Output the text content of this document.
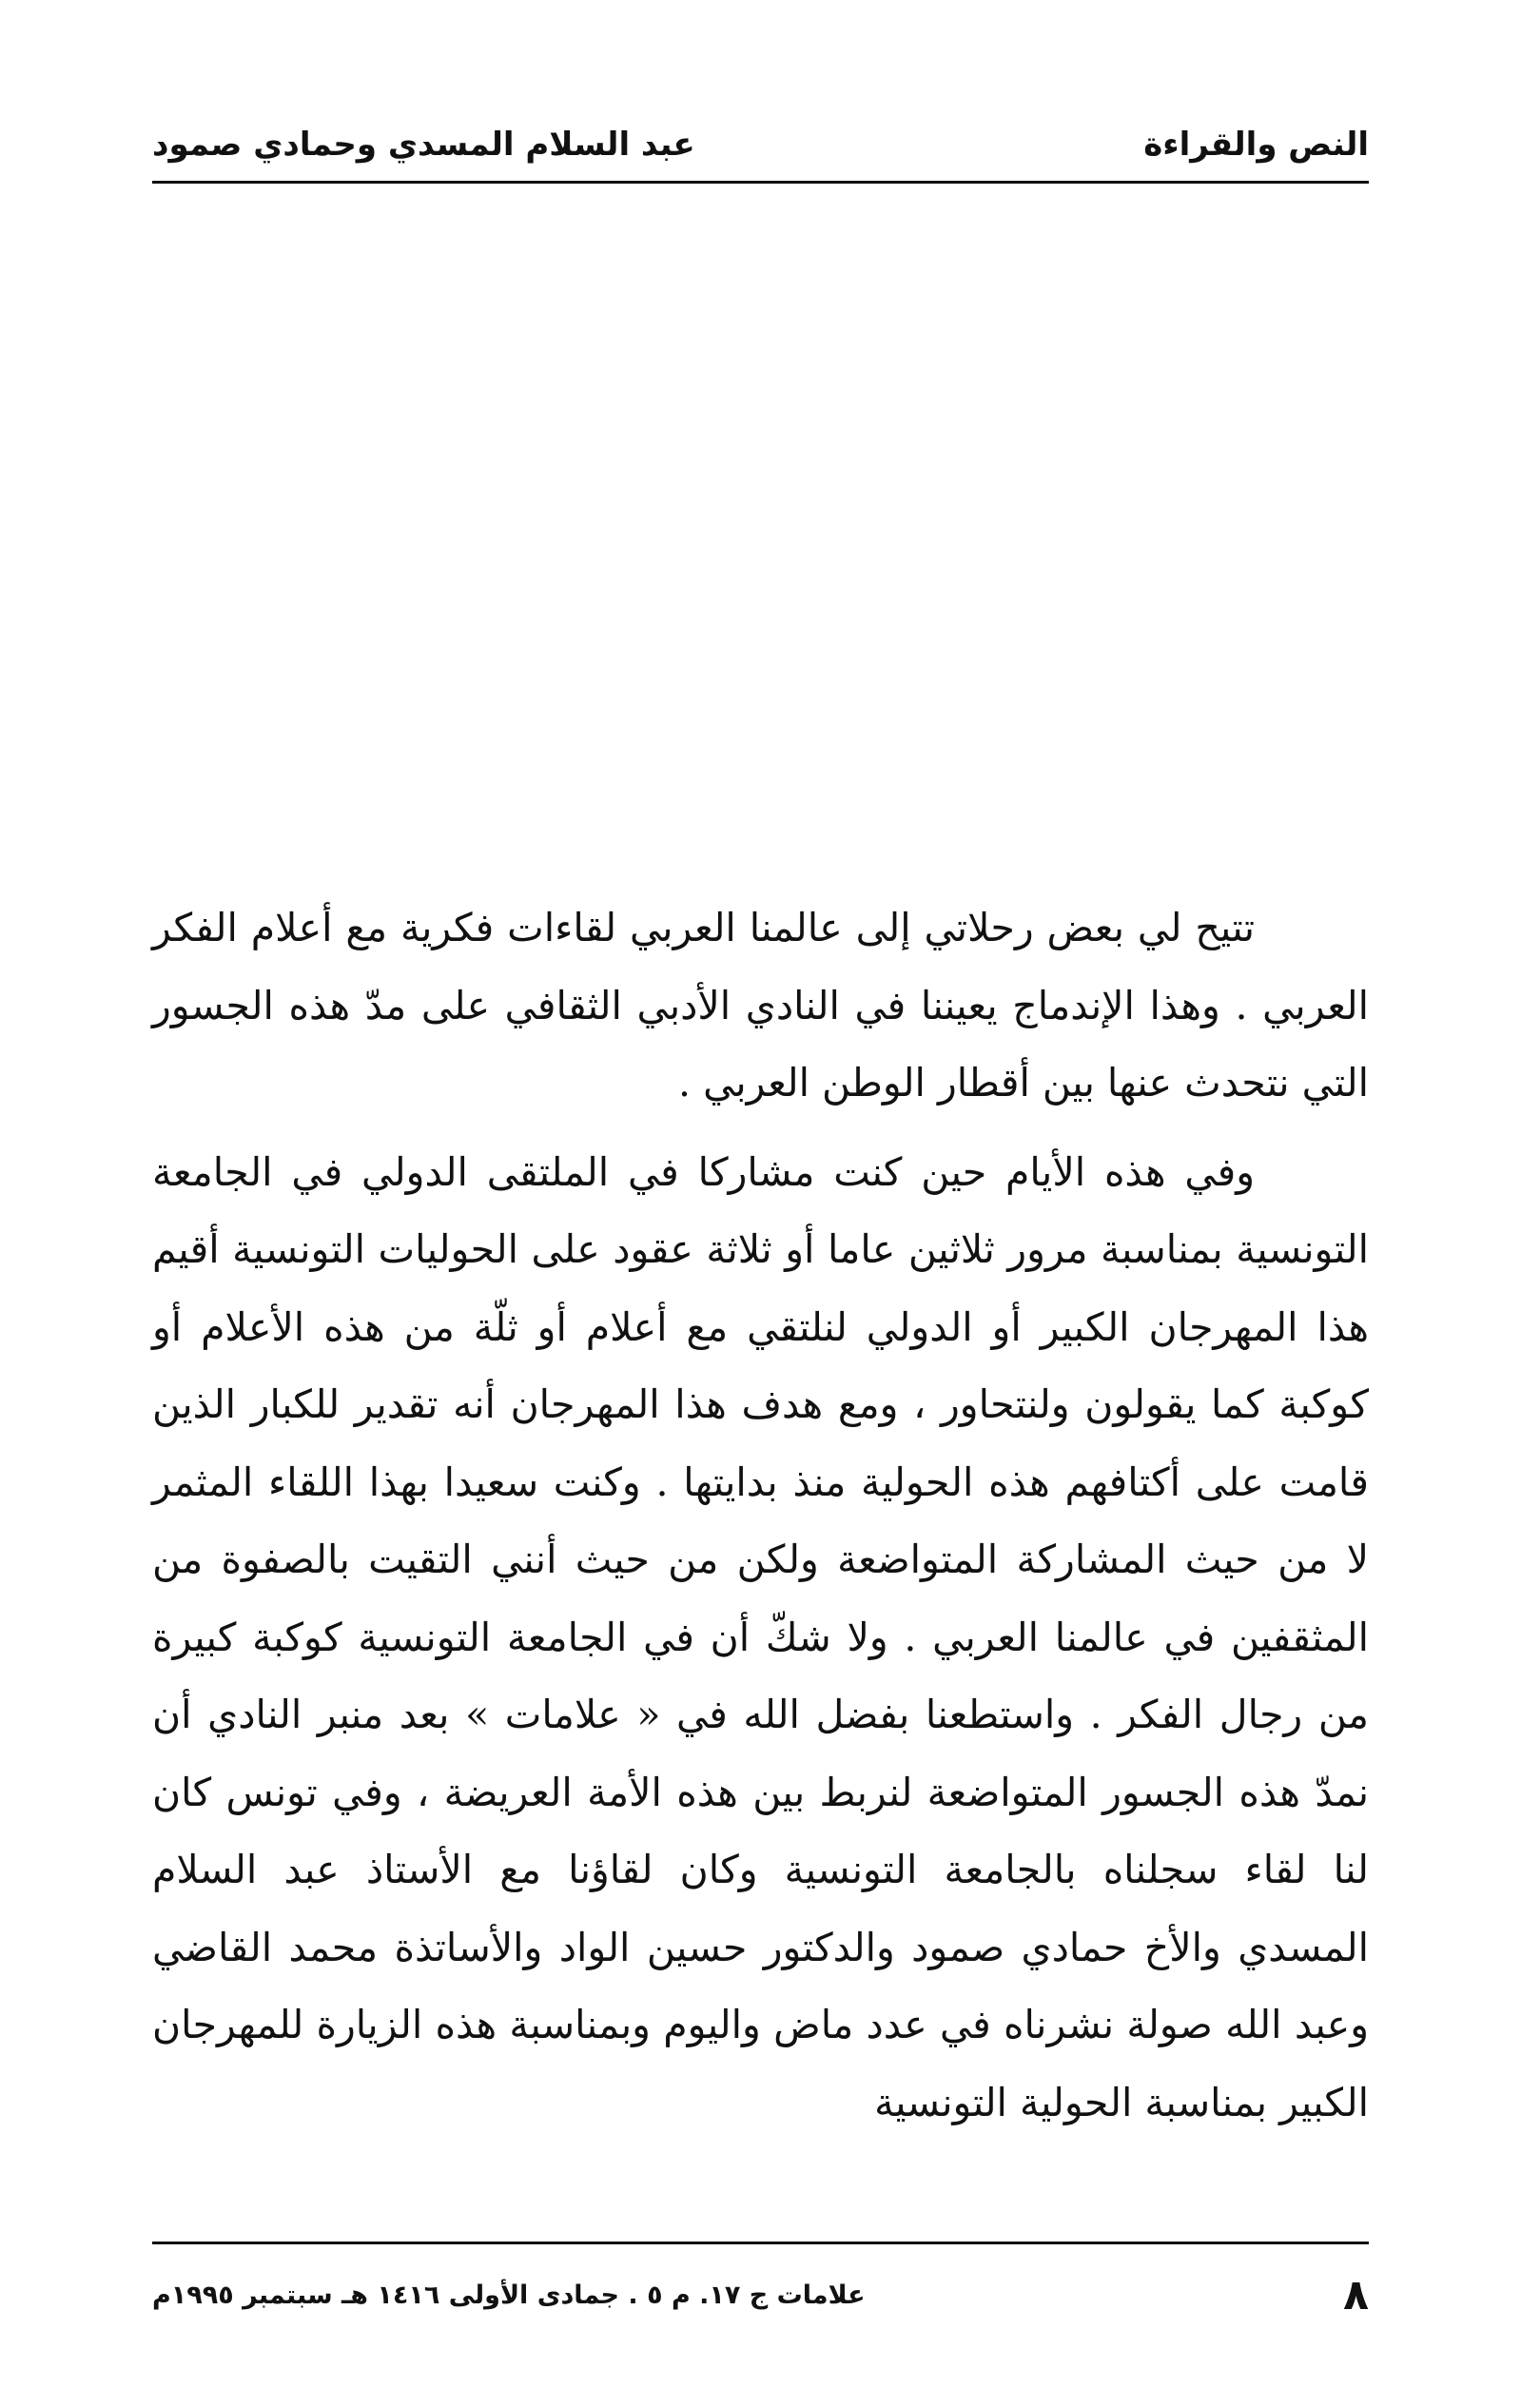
النص والقراءة
عبد السلام المسدي وحمادي صمود

تتيح لي بعض رحلاتي إلى عالمنا العربي لقاءات فكرية مع أعلام الفكر العربي . وهذا الإندماج يعيننا في النادي الأدبي الثقافي على مدّ هذه الجسور التي نتحدث عنها بين أقطار الوطن العربي .

وفي هذه الأيام حين كنت مشاركا في الملتقى الدولي في الجامعة التونسية بمناسبة مرور ثلاثين عاما أو ثلاثة عقود على الحوليات التونسية أقيم هذا المهرجان الكبير أو الدولي لنلتقي مع أعلام أو ثلّة من هذه الأعلام أو كوكبة كما يقولون ولنتحاور ، ومع هدف هذا المهرجان أنه تقدير للكبار الذين قامت على أكتافهم هذه الحولية منذ بدايتها . وكنت سعيدا بهذا اللقاء المثمر لا من حيث المشاركة المتواضعة ولكن من حيث أنني التقيت بالصفوة من المثقفين في عالمنا العربي . ولا شكّ أن في الجامعة التونسية كوكبة كبيرة من رجال الفكر . واستطعنا بفضل الله في « علامات » بعد منبر النادي أن نمدّ هذه الجسور المتواضعة لنربط بين هذه الأمة العريضة ، وفي تونس كان لنا لقاء سجلناه بالجامعة التونسية وكان لقاؤنا مع الأستاذ عبد السلام المسدي والأخ حمادي صمود والدكتور حسين الواد والأساتذة محمد القاضي وعبد الله صولة نشرناه في عدد ماض واليوم وبمناسبة هذه الزيارة للمهرجان الكبير بمناسبة الحولية التونسية

٨
علامات ج ١٧. م ٥ . جمادى الأولى ١٤١٦ هـ سبتمبر ١٩٩٥م
